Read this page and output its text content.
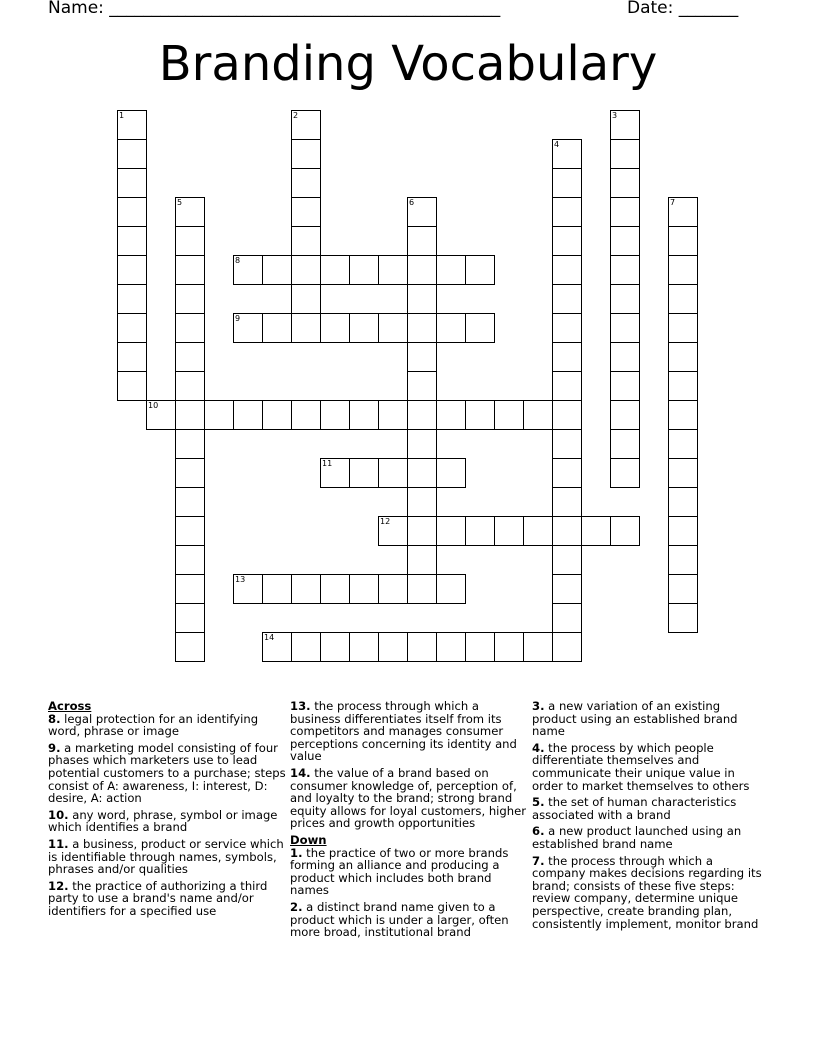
Name: ______________________________________________	Date: _______
Branding Vocabulary
1	2	3
4
5	6	7
8
9
10
11
12
13
14
Across

8. legal protection for an identifying word, phrase or image

9. a marketing model consisting of four phases which marketers use to lead potential customers to a purchase; steps consist of A: awareness, I: interest, D: desire, A: action

10. any word, phrase, symbol or image which identifies a brand

11. a business, product or service which is identifiable through names, symbols, phrases and/or qualities

12. the practice of authorizing a third party to use a brand's name and/or identifiers for a specified use

13. the process through which a business differentiates itself from its competitors and manages consumer perceptions concerning its identity and value

14. the value of a brand based on consumer knowledge of, perception of, and loyalty to the brand; strong brand equity allows for loyal customers, higher prices and growth opportunities

Down

1. the practice of two or more brands forming an alliance and producing a product which includes both brand names

2. a distinct brand name given to a product which is under a larger, often more broad, institutional brand

3. a new variation of an existing product using an established brand name

4. the process by which people differentiate themselves and communicate their unique value in order to market themselves to others

5. the set of human characteristics associated with a brand

6. a new product launched using an established brand name

7. the process through which a company makes decisions regarding its brand; consists of these five steps: review company, determine unique perspective, create branding plan, consistently implement, monitor brand
